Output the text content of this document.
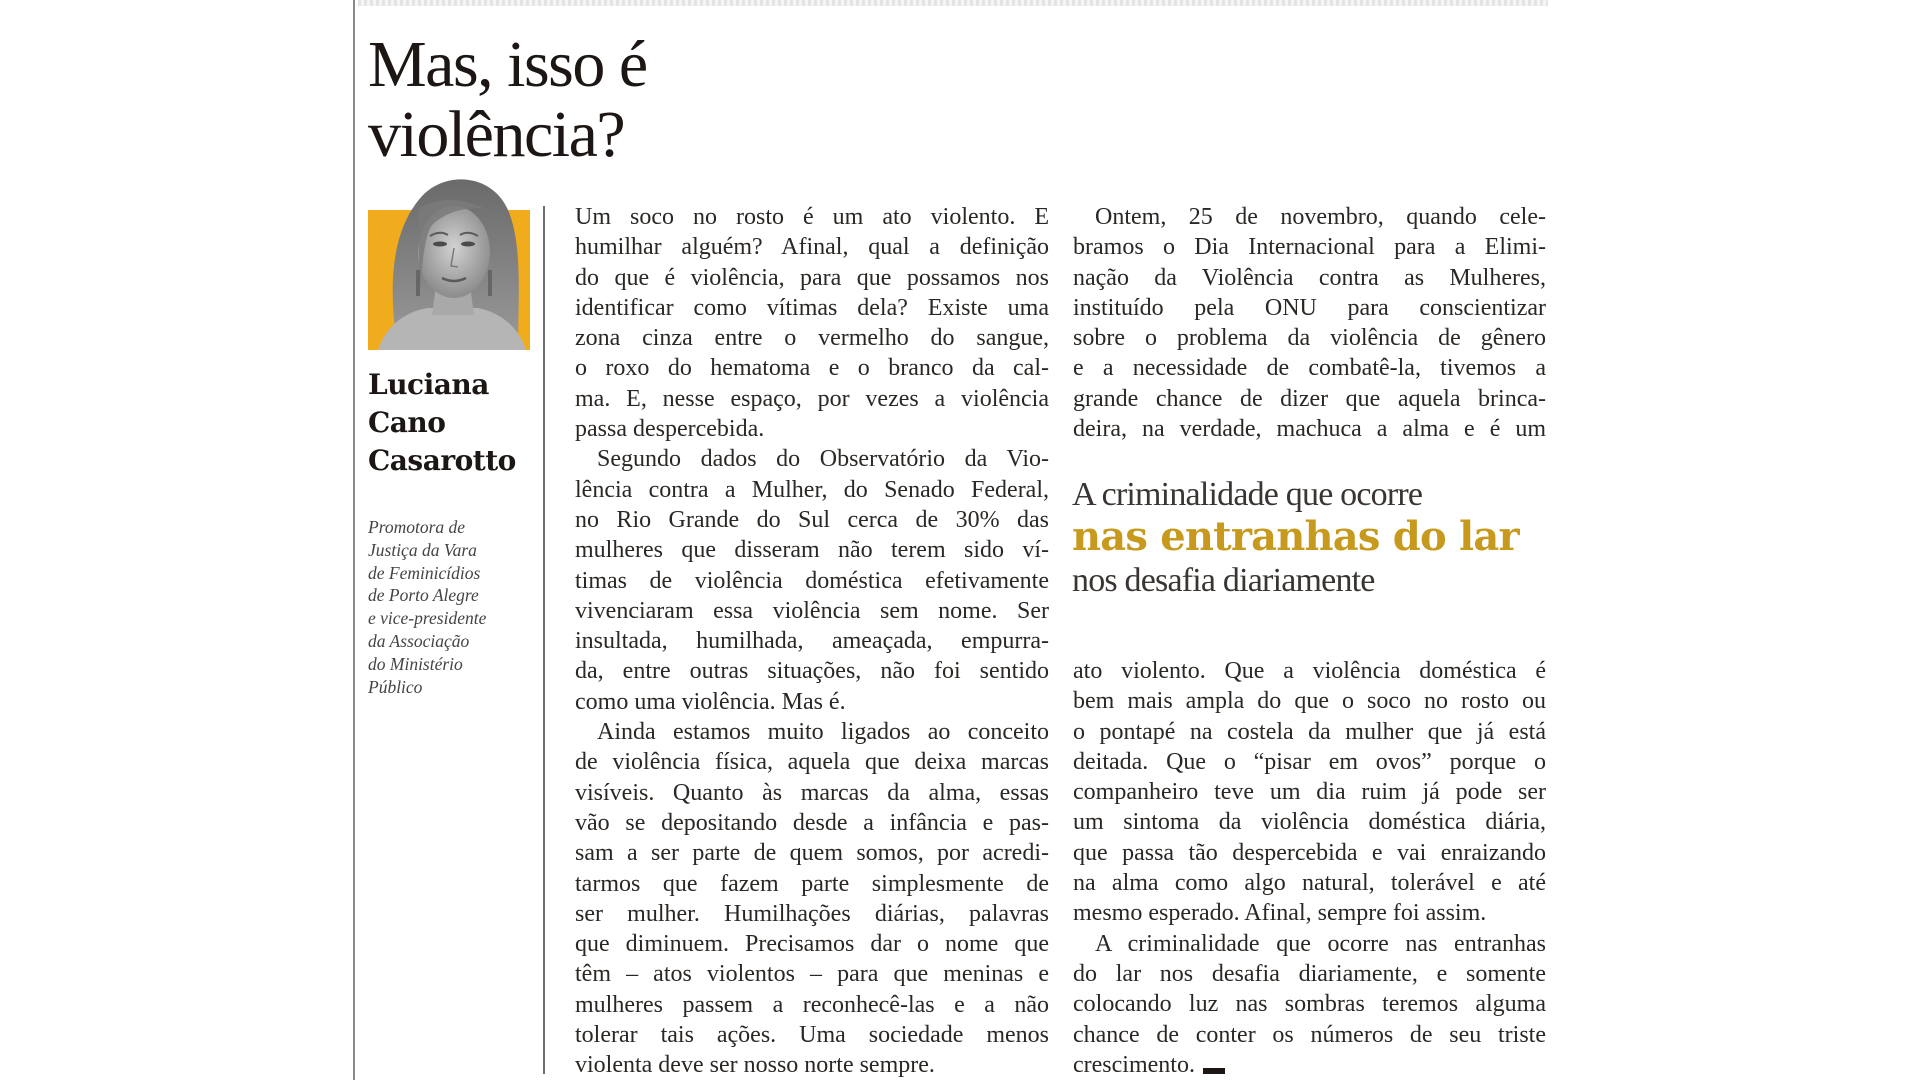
Mas, isso é
violência?
Luciana
Cano
Casarotto
Promotora de
Justiça da Vara
de Feminicídios
de Porto Alegre
e vice-presidente
da Associação
do Ministério
Público
Um soco no rosto é um ato violento. E
humilhar alguém? Afinal, qual a definição
do que é violência, para que possamos nos
identificar como vítimas dela? Existe uma
zona cinza entre o vermelho do sangue,
o roxo do hematoma e o branco da cal-
ma. E, nesse espaço, por vezes a violência
passa despercebida.
Segundo dados do Observatório da Vio-
lência contra a Mulher, do Senado Federal,
no Rio Grande do Sul cerca de 30% das
mulheres que disseram não terem sido ví-
timas de violência doméstica efetivamente
vivenciaram essa violência sem nome. Ser
insultada, humilhada, ameaçada, empurra-
da, entre outras situações, não foi sentido
como uma violência. Mas é.
Ainda estamos muito ligados ao conceito
de violência física, aquela que deixa marcas
visíveis. Quanto às marcas da alma, essas
vão se depositando desde a infância e pas-
sam a ser parte de quem somos, por acredi-
tarmos que fazem parte simplesmente de
ser mulher. Humilhações diárias, palavras
que diminuem. Precisamos dar o nome que
têm – atos violentos – para que meninas e
mulheres passem a reconhecê-las e a não
tolerar tais ações. Uma sociedade menos
violenta deve ser nosso norte sempre.
Ontem, 25 de novembro, quando cele-
bramos o Dia Internacional para a Elimi-
nação da Violência contra as Mulheres,
instituído pela ONU para conscientizar
sobre o problema da violência de gênero
e a necessidade de combatê-la, tivemos a
grande chance de dizer que aquela brinca-
deira, na verdade, machuca a alma e é um
A criminalidade que ocorre
nas entranhas do lar
nos desafia diariamente
ato violento. Que a violência doméstica é
bem mais ampla do que o soco no rosto ou
o pontapé na costela da mulher que já está
deitada. Que o “pisar em ovos” porque o
companheiro teve um dia ruim já pode ser
um sintoma da violência doméstica diária,
que passa tão despercebida e vai enraizando
na alma como algo natural, tolerável e até
mesmo esperado. Afinal, sempre foi assim.
A criminalidade que ocorre nas entranhas
do lar nos desafia diariamente, e somente
colocando luz nas sombras teremos alguma
chance de conter os números de seu triste
crescimento.
